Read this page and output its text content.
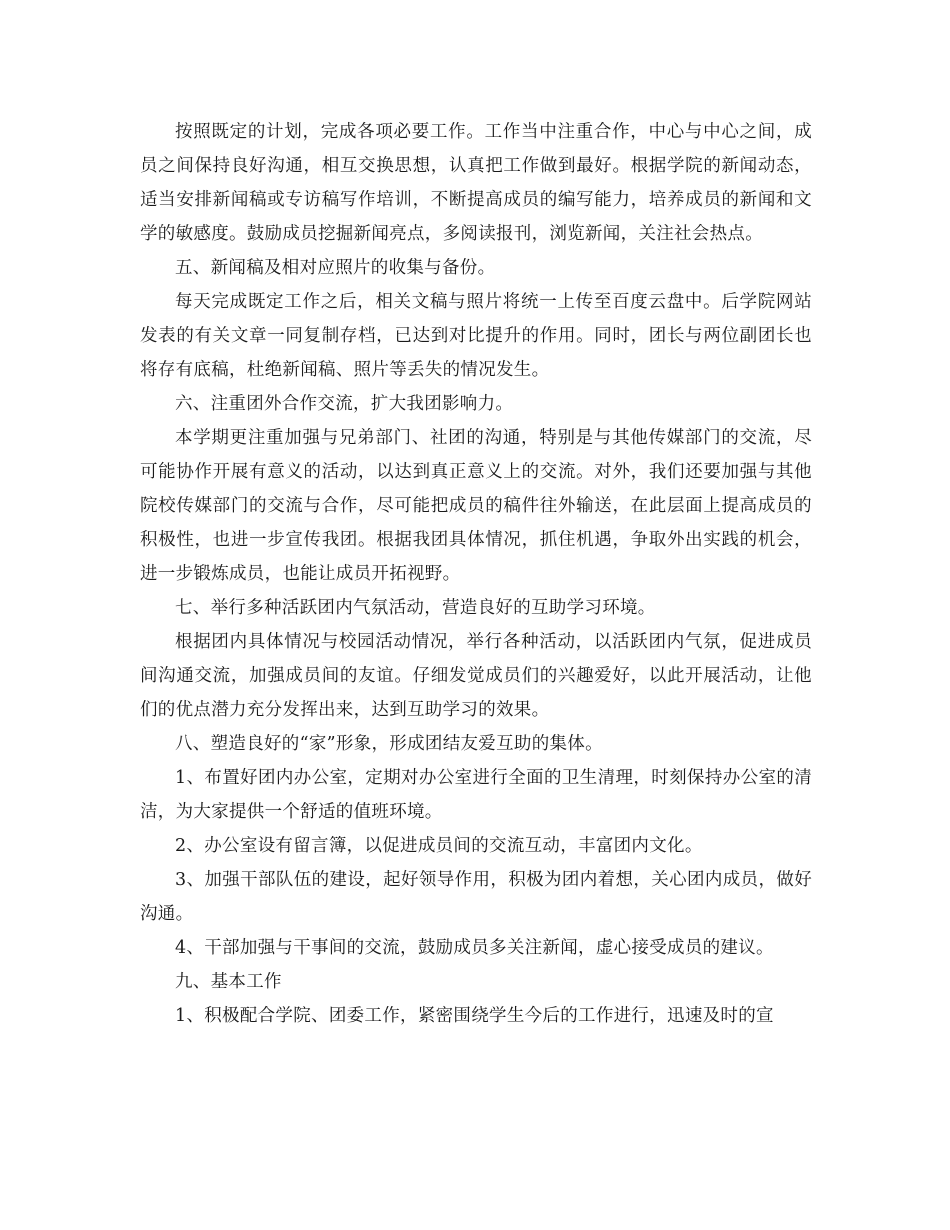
按照既定的计划，完成各项必要工作。工作当中注重合作，中心与中心之间，成员之间保持良好沟通，相互交换思想，认真把工作做到最好。根据学院的新闻动态，适当安排新闻稿或专访稿写作培训，不断提高成员的编写能力，培养成员的新闻和文学的敏感度。鼓励成员挖掘新闻亮点，多阅读报刊，浏览新闻，关注社会热点。

五、新闻稿及相对应照片的收集与备份。

每天完成既定工作之后，相关文稿与照片将统一上传至百度云盘中。后学院网站发表的有关文章一同复制存档，已达到对比提升的作用。同时，团长与两位副团长也将存有底稿，杜绝新闻稿、照片等丢失的情况发生。

六、注重团外合作交流，扩大我团影响力。

本学期更注重加强与兄弟部门、社团的沟通，特别是与其他传媒部门的交流，尽可能协作开展有意义的活动，以达到真正意义上的交流。对外，我们还要加强与其他院校传媒部门的交流与合作，尽可能把成员的稿件往外输送，在此层面上提高成员的积极性，也进一步宣传我团。根据我团具体情况，抓住机遇，争取外出实践的机会，进一步锻炼成员，也能让成员开拓视野。

七、举行多种活跃团内气氛活动，营造良好的互助学习环境。

根据团内具体情况与校园活动情况，举行各种活动，以活跃团内气氛，促进成员间沟通交流，加强成员间的友谊。仔细发觉成员们的兴趣爱好，以此开展活动，让他们的优点潜力充分发挥出来，达到互助学习的效果。

八、塑造良好的“家”形象，形成团结友爱互助的集体。

1、布置好团内办公室，定期对办公室进行全面的卫生清理，时刻保持办公室的清洁，为大家提供一个舒适的值班环境。

2、办公室设有留言簿，以促进成员间的交流互动，丰富团内文化。

3、加强干部队伍的建设，起好领导作用，积极为团内着想，关心团内成员，做好沟通。

4、干部加强与干事间的交流，鼓励成员多关注新闻，虚心接受成员的建议。

九、基本工作

1、积极配合学院、团委工作，紧密围绕学生今后的工作进行，迅速及时的宣
